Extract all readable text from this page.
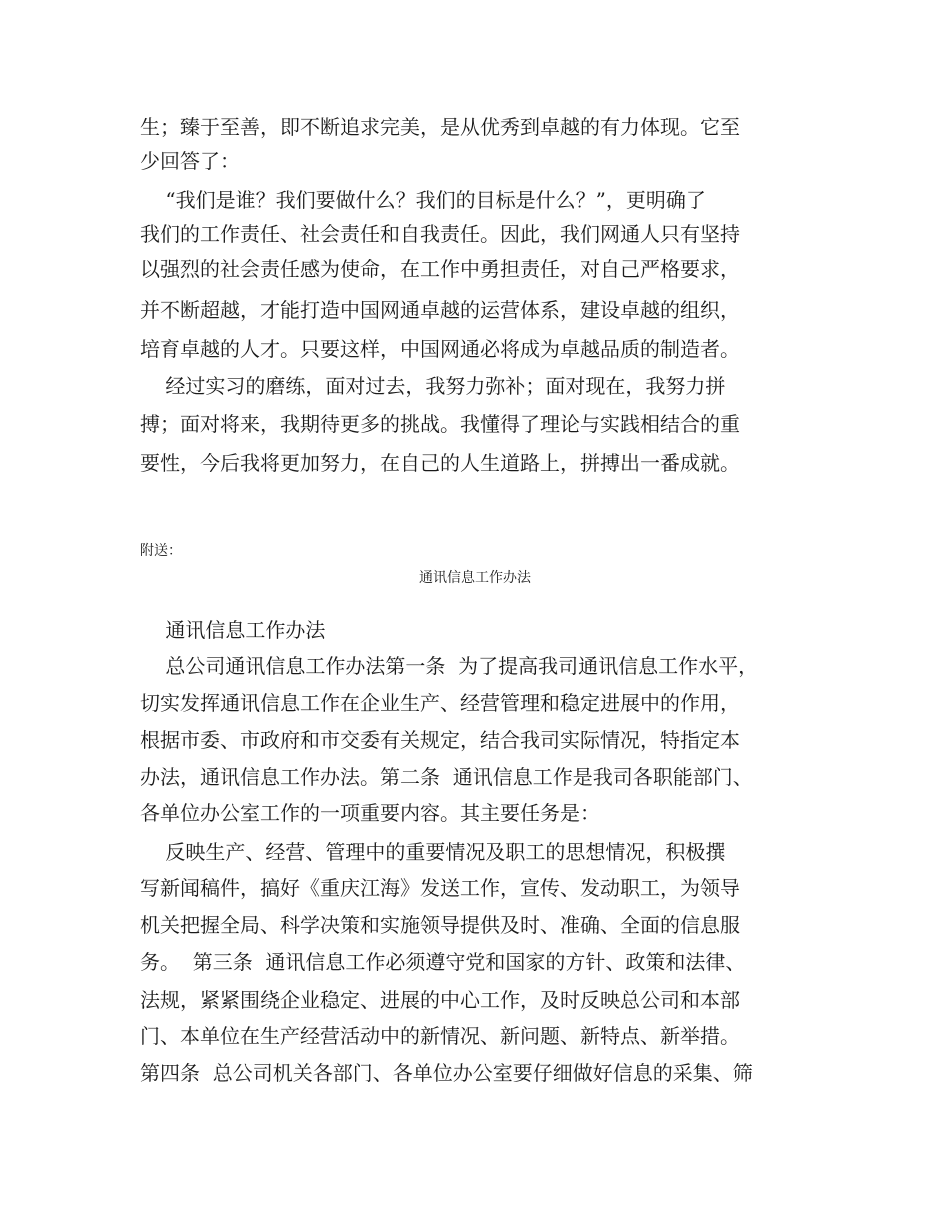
生；臻于至善，即不断追求完美，是从优秀到卓越的有力体现。它至
少回答了：
“我们是谁？我们要做什么？我们的目标是什么？”，更明确了
我们的工作责任、社会责任和自我责任。因此，我们网通人只有坚持
以强烈的社会责任感为使命，在工作中勇担责任，对自己严格要求，
并不断超越，才能打造中国网通卓越的运营体系，建设卓越的组织，
培育卓越的人才。只要这样，中国网通必将成为卓越品质的制造者。
经过实习的磨练，面对过去，我努力弥补；面对现在，我努力拼
搏；面对将来，我期待更多的挑战。我懂得了理论与实践相结合的重
要性，今后我将更加努力，在自己的人生道路上，拼搏出一番成就。
附送：
通讯信息工作办法
通讯信息工作办法
总公司通讯信息工作办法第一条  为了提高我司通讯信息工作水平，
切实发挥通讯信息工作在企业生产、经营管理和稳定进展中的作用，
根据市委、市政府和市交委有关规定，结合我司实际情况，特指定本
办法，通讯信息工作办法。第二条  通讯信息工作是我司各职能部门、
各单位办公室工作的一项重要内容。其主要任务是：
反映生产、经营、管理中的重要情况及职工的思想情况，积极撰
写新闻稿件，搞好《重庆江海》发送工作，宣传、发动职工，为领导
机关把握全局、科学决策和实施领导提供及时、准确、全面的信息服
务。  第三条  通讯信息工作必须遵守党和国家的方针、政策和法律、
法规，紧紧围绕企业稳定、进展的中心工作，及时反映总公司和本部
门、本单位在生产经营活动中的新情况、新问题、新特点、新举措。
第四条  总公司机关各部门、各单位办公室要仔细做好信息的采集、筛
